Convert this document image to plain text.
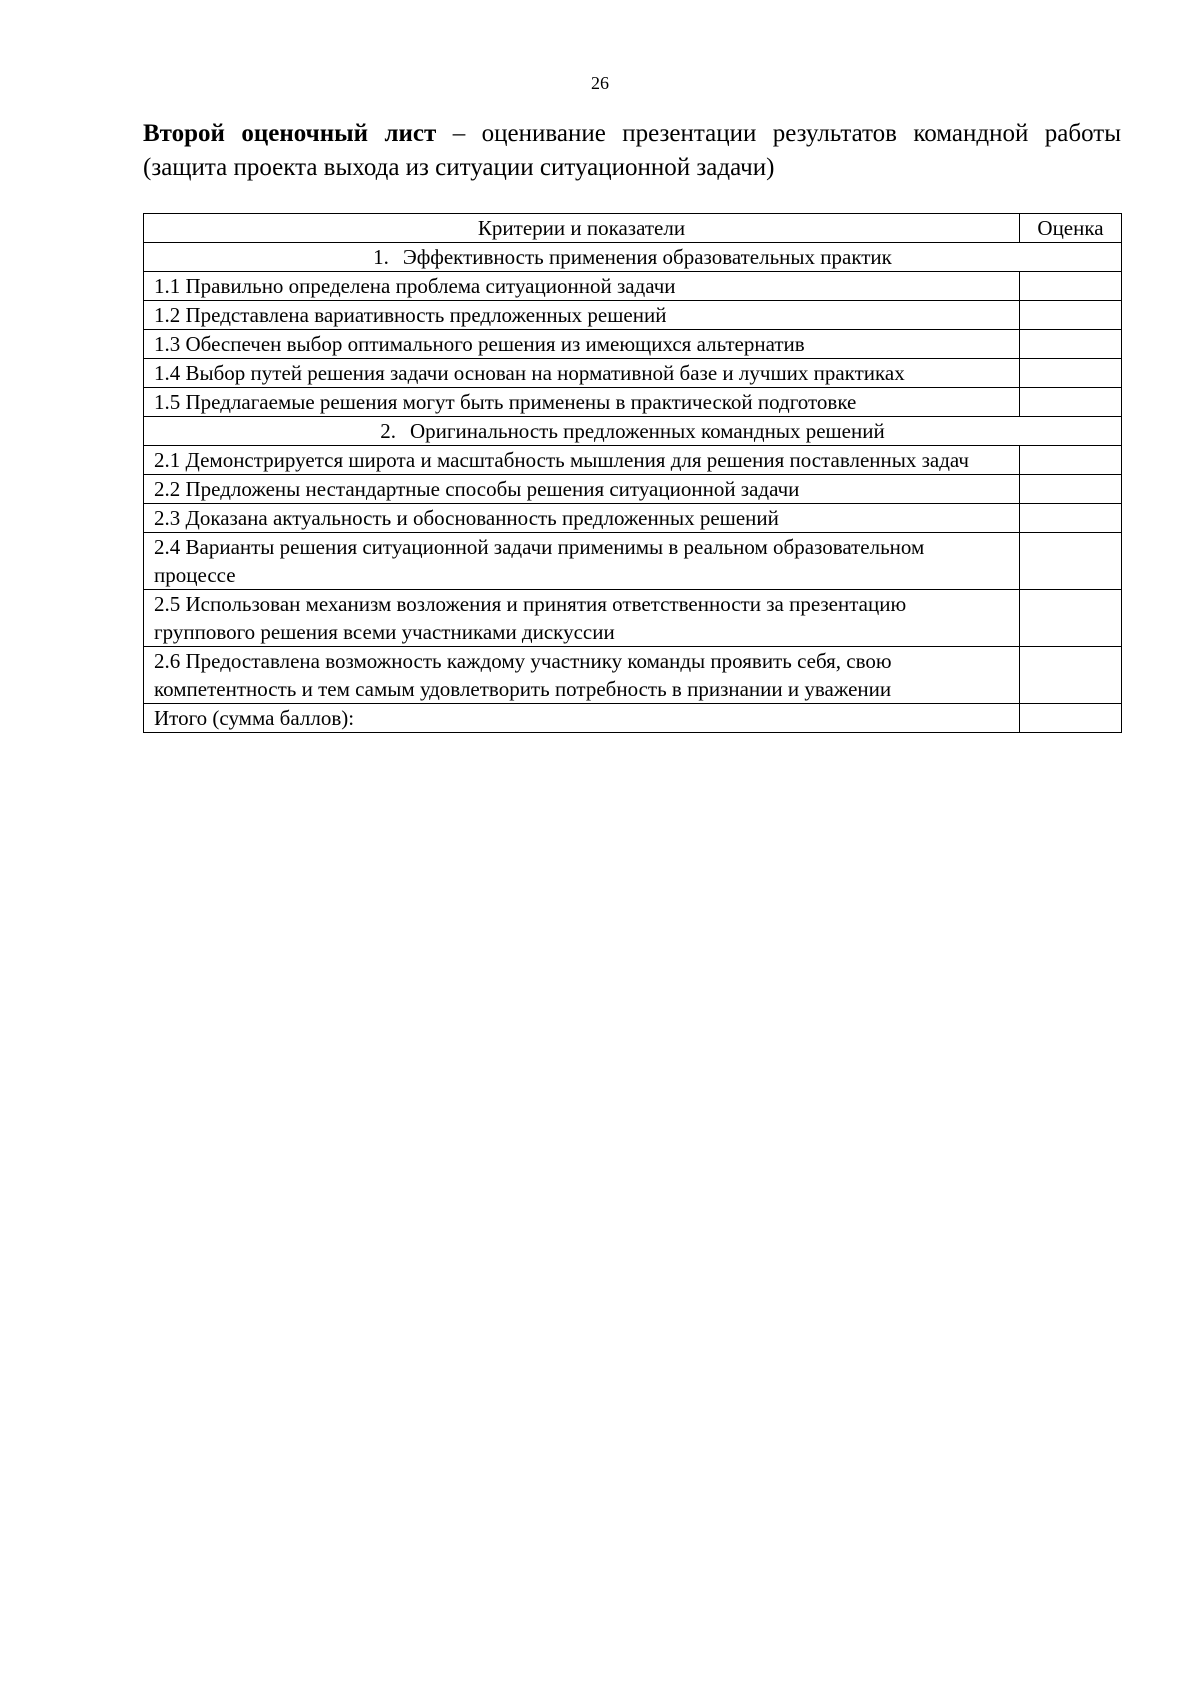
26
Второй оценочный лист – оценивание презентации результатов командной работы (защита проекта выхода из ситуации ситуационной задачи)
Критерии и показатели	Оценка
1. Эффективность применения образовательных практик	
1.1 Правильно определена проблема ситуационной задачи	
1.2 Представлена вариативность предложенных решений	
1.3 Обеспечен выбор оптимального решения из имеющихся альтернатив	
1.4 Выбор путей решения задачи основан на нормативной базе и лучших практиках	
1.5 Предлагаемые решения могут быть применены в практической подготовке	
2. Оригинальность предложенных командных решений	
2.1 Демонстрируется широта и масштабность мышления для решения поставленных задач	
2.2 Предложены нестандартные способы решения ситуационной задачи	
2.3 Доказана актуальность и обоснованность предложенных решений	
2.4 Варианты решения ситуационной задачи применимы в реальном образовательном процессе	
2.5 Использован механизм возложения и принятия ответственности за презентацию группового решения всеми участниками дискуссии	
2.6 Предоставлена возможность каждому участнику команды проявить себя, свою компетентность и тем самым удовлетворить потребность в признании и уважении	
Итого (сумма баллов):	
